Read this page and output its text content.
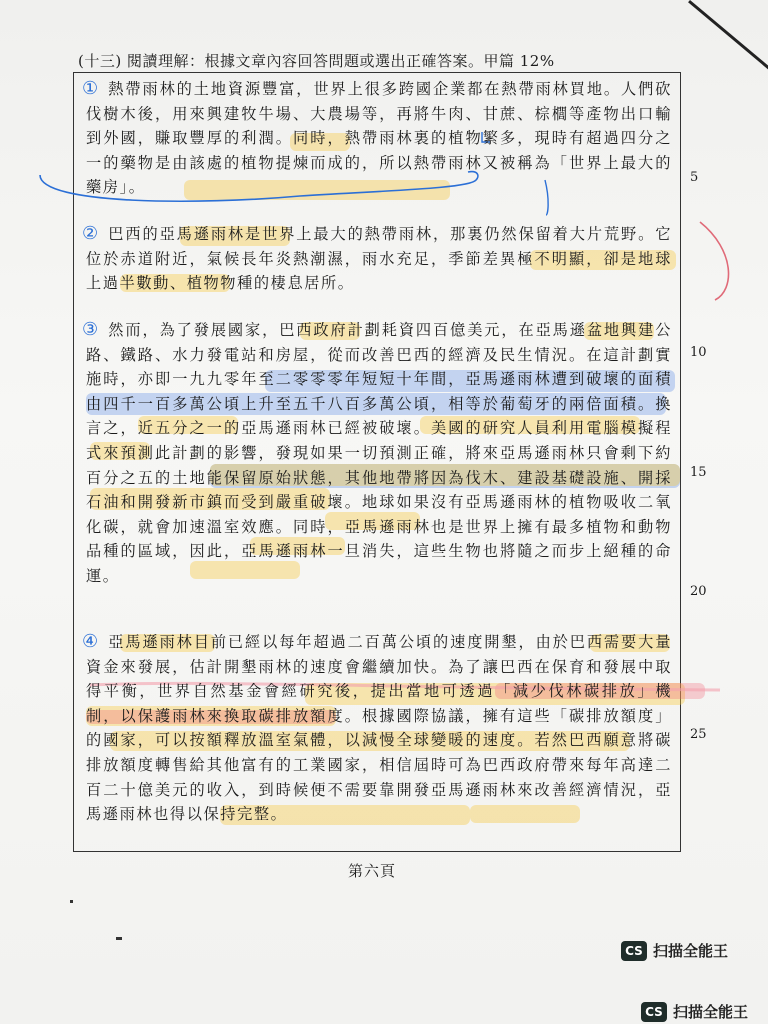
(十三) 閱讀理解：根據文章內容回答問題或選出正確答案。甲篇 12%
① 熱帶雨林的土地資源豐富，世界上很多跨國企業都在熱帶雨林買地。人們砍伐樹木後，用來興建牧牛場、大農場等，再將牛肉、甘蔗、棕櫚等產物出口輸到外國，賺取豐厚的利潤。同時，熱帶雨林裏的植物繁多，現時有超過四分之一的藥物是由該處的植物提煉而成的，所以熱帶雨林又被稱為「世界上最大的藥房」。
② 巴西的亞馬遜雨林是世界上最大的熱帶雨林，那裏仍然保留着大片荒野。它位於赤道附近，氣候長年炎熱潮濕，雨水充足，季節差異極不明顯，卻是地球上過半數動、植物物種的棲息居所。
③ 然而，為了發展國家，巴西政府計劃耗資四百億美元，在亞馬遜盆地興建公路、鐵路、水力發電站和房屋，從而改善巴西的經濟及民生情況。在這計劃實施時，亦即一九九零年至二零零零年短短十年間，亞馬遜雨林遭到破壞的面積由四千一百多萬公頃上升至五千八百多萬公頃，相等於葡萄牙的兩倍面積。換言之，近五分之一的亞馬遜雨林已經被破壞。美國的研究人員利用電腦模擬程式來預測此計劃的影響，發現如果一切預測正確，將來亞馬遜雨林只會剩下約百分之五的土地能保留原始狀態，其他地帶將因為伐木、建設基礎設施、開採石油和開發新市鎮而受到嚴重破壞。地球如果沒有亞馬遜雨林的植物吸收二氧化碳，就會加速溫室效應。同時，亞馬遜雨林也是世界上擁有最多植物和動物品種的區域，因此，亞馬遜雨林一旦消失，這些生物也將隨之而步上絕種的命運。
④ 亞馬遜雨林目前已經以每年超過二百萬公頃的速度開墾，由於巴西需要大量資金來發展，估計開墾雨林的速度會繼續加快。為了讓巴西在保育和發展中取得平衡，世界自然基金會經研究後，提出當地可透過「減少伐林碳排放」機制，以保護雨林來換取碳排放額度。根據國際協議，擁有這些「碳排放額度」的國家，可以按額釋放溫室氣體，以減慢全球變暖的速度。若然巴西願意將碳排放額度轉售給其他富有的工業國家，相信屆時可為巴西政府帶來每年高達二百二十億美元的收入，到時候便不需要靠開發亞馬遜雨林來改善經濟情況，亞馬遜雨林也得以保持完整。
5
10
15
20
25
第六頁
CS 扫描全能王
CS 扫描全能王
